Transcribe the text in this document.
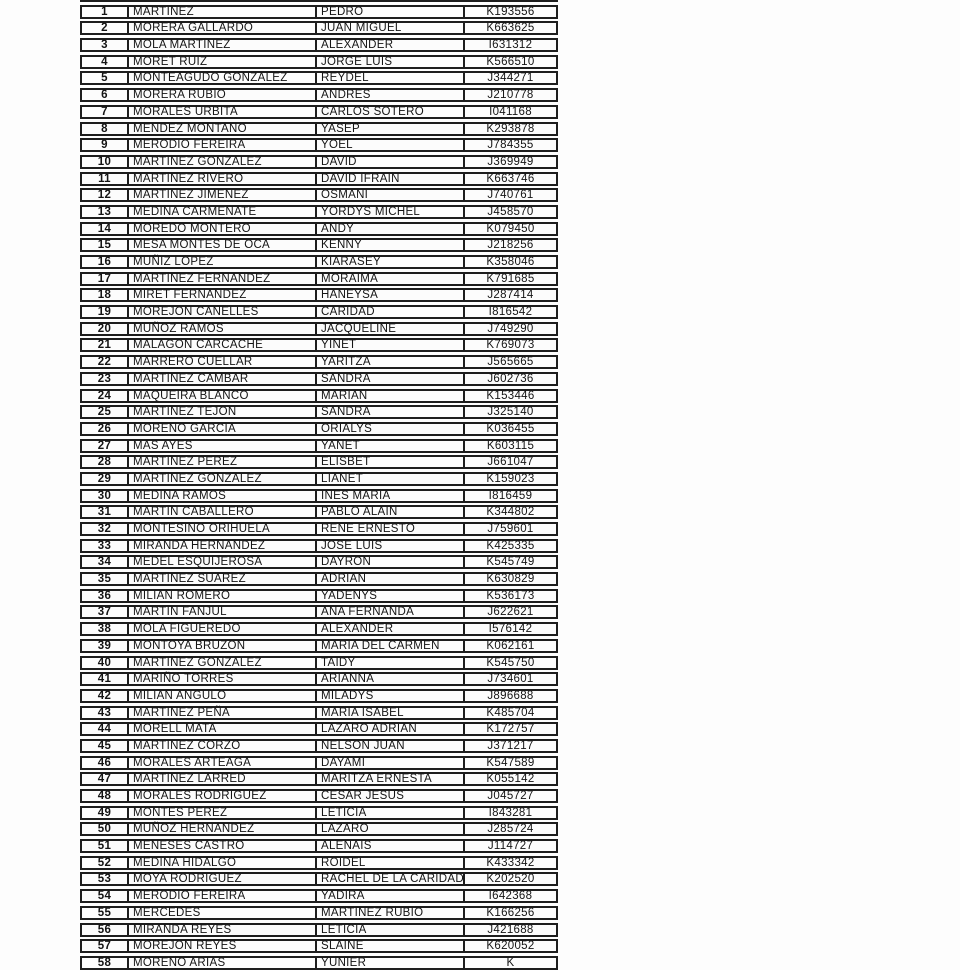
1	MARTINEZ	PEDRO	K193556
2	MORERA GALLARDO	JUAN MIGUEL	K663625
3	MOLA MARTINEZ	ALEXANDER	I631312
4	MORET RUIZ	JORGE LUIS	K566510
5	MONTEAGUDO GONZALEZ	REYDEL	J344271
6	MORERA RUBIO	ANDRES	J210778
7	MORALES URBITA	CARLOS SOTERO	I041168
8	MENDEZ MONTANO	YASEP	K293878
9	MERODIO FEREIRA	YOEL	J784355
10	MARTINEZ GONZALEZ	DAVID	J369949
11	MARTINEZ RIVERO	DAVID IFRAIN	K663746
12	MARTINEZ JIMENEZ	OSMANI	J740761
13	MEDINA CARMENATE	YORDYS MICHEL	J458570
14	MOREDO MONTERO	ANDY	K079450
15	MESA MONTES DE OCA	KENNY	J218256
16	MUÑIZ LOPEZ	KIARASEY	K358046
17	MARTINEZ FERNANDEZ	MORAIMA	K791685
18	MIRET FERNANDEZ	HANEYSA	J287414
19	MOREJON CANELLES	CARIDAD	I816542
20	MUÑOZ RAMOS	JACQUELINE	J749290
21	MALAGON CARCACHE	YINET	K769073
22	MARRERO CUELLAR	YARITZA	J565665
23	MARTINEZ CAMBAR	SANDRA	J602736
24	MAQUEIRA BLANCO	MARIAN	K153446
25	MARTINEZ TEJON	SANDRA	J325140
26	MORENO GARCIA	ORIALYS	K036455
27	MAS AYES	YANET	K603115
28	MARTINEZ PEREZ	ELISBET	J661047
29	MARTINEZ GONZALEZ	LIANET	K159023
30	MEDINA RAMOS	INES MARIA	I816459
31	MARTIN CABALLERO	PABLO ALAIN	K344802
32	MONTESINO ORIHUELA	RENE ERNESTO	J759601
33	MIRANDA HERNANDEZ	JOSE LUIS	K425335
34	MEDEL ESQUIJEROSA	DAYRON	K545749
35	MARTINEZ SUAREZ	ADRIAN	K630829
36	MILIAN ROMERO	YADENYS	K536173
37	MARTIN FANJUL	ANA FERNANDA	J622621
38	MOLA FIGUEREDO	ALEXANDER	I576142
39	MONTOYA BRUZON	MARIA DEL CARMEN	K062161
40	MARTINEZ GONZALEZ	TAIDY	K545750
41	MARIÑO TORRES	ARIANNA	J734601
42	MILIAN ANGULO	MILADYS	J896688
43	MARTINEZ PEÑA	MARIA ISABEL	K485704
44	MORELL MATA	LAZARO ADRIAN	K172757
45	MARTINEZ CORZO	NELSON JUAN	J371217
46	MORALES ARTEAGA	DAYAMI	K547589
47	MARTINEZ LARRED	MARITZA ERNESTA	K055142
48	MORALES RODRIGUEZ	CESAR JESUS	J045727
49	MONTES PEREZ	LETICIA	I843281
50	MUÑOZ HERNANDEZ	LAZARO	J285724
51	MENESES CASTRO	ALENAIS	J114727
52	MEDINA HIDALGO	ROIDEL	K433342
53	MOYA RODRIGUEZ	RACHEL DE LA CARIDAD	K202520
54	MERODIO FEREIRA	YADIRA	I642368
55	MERCEDES	MARTINEZ RUBIO	K166256
56	MIRANDA REYES	LETICIA	J421688
57	MOREJON REYES	SLAINE	K620052
58	MORENO ARIAS	YUNIER	K
